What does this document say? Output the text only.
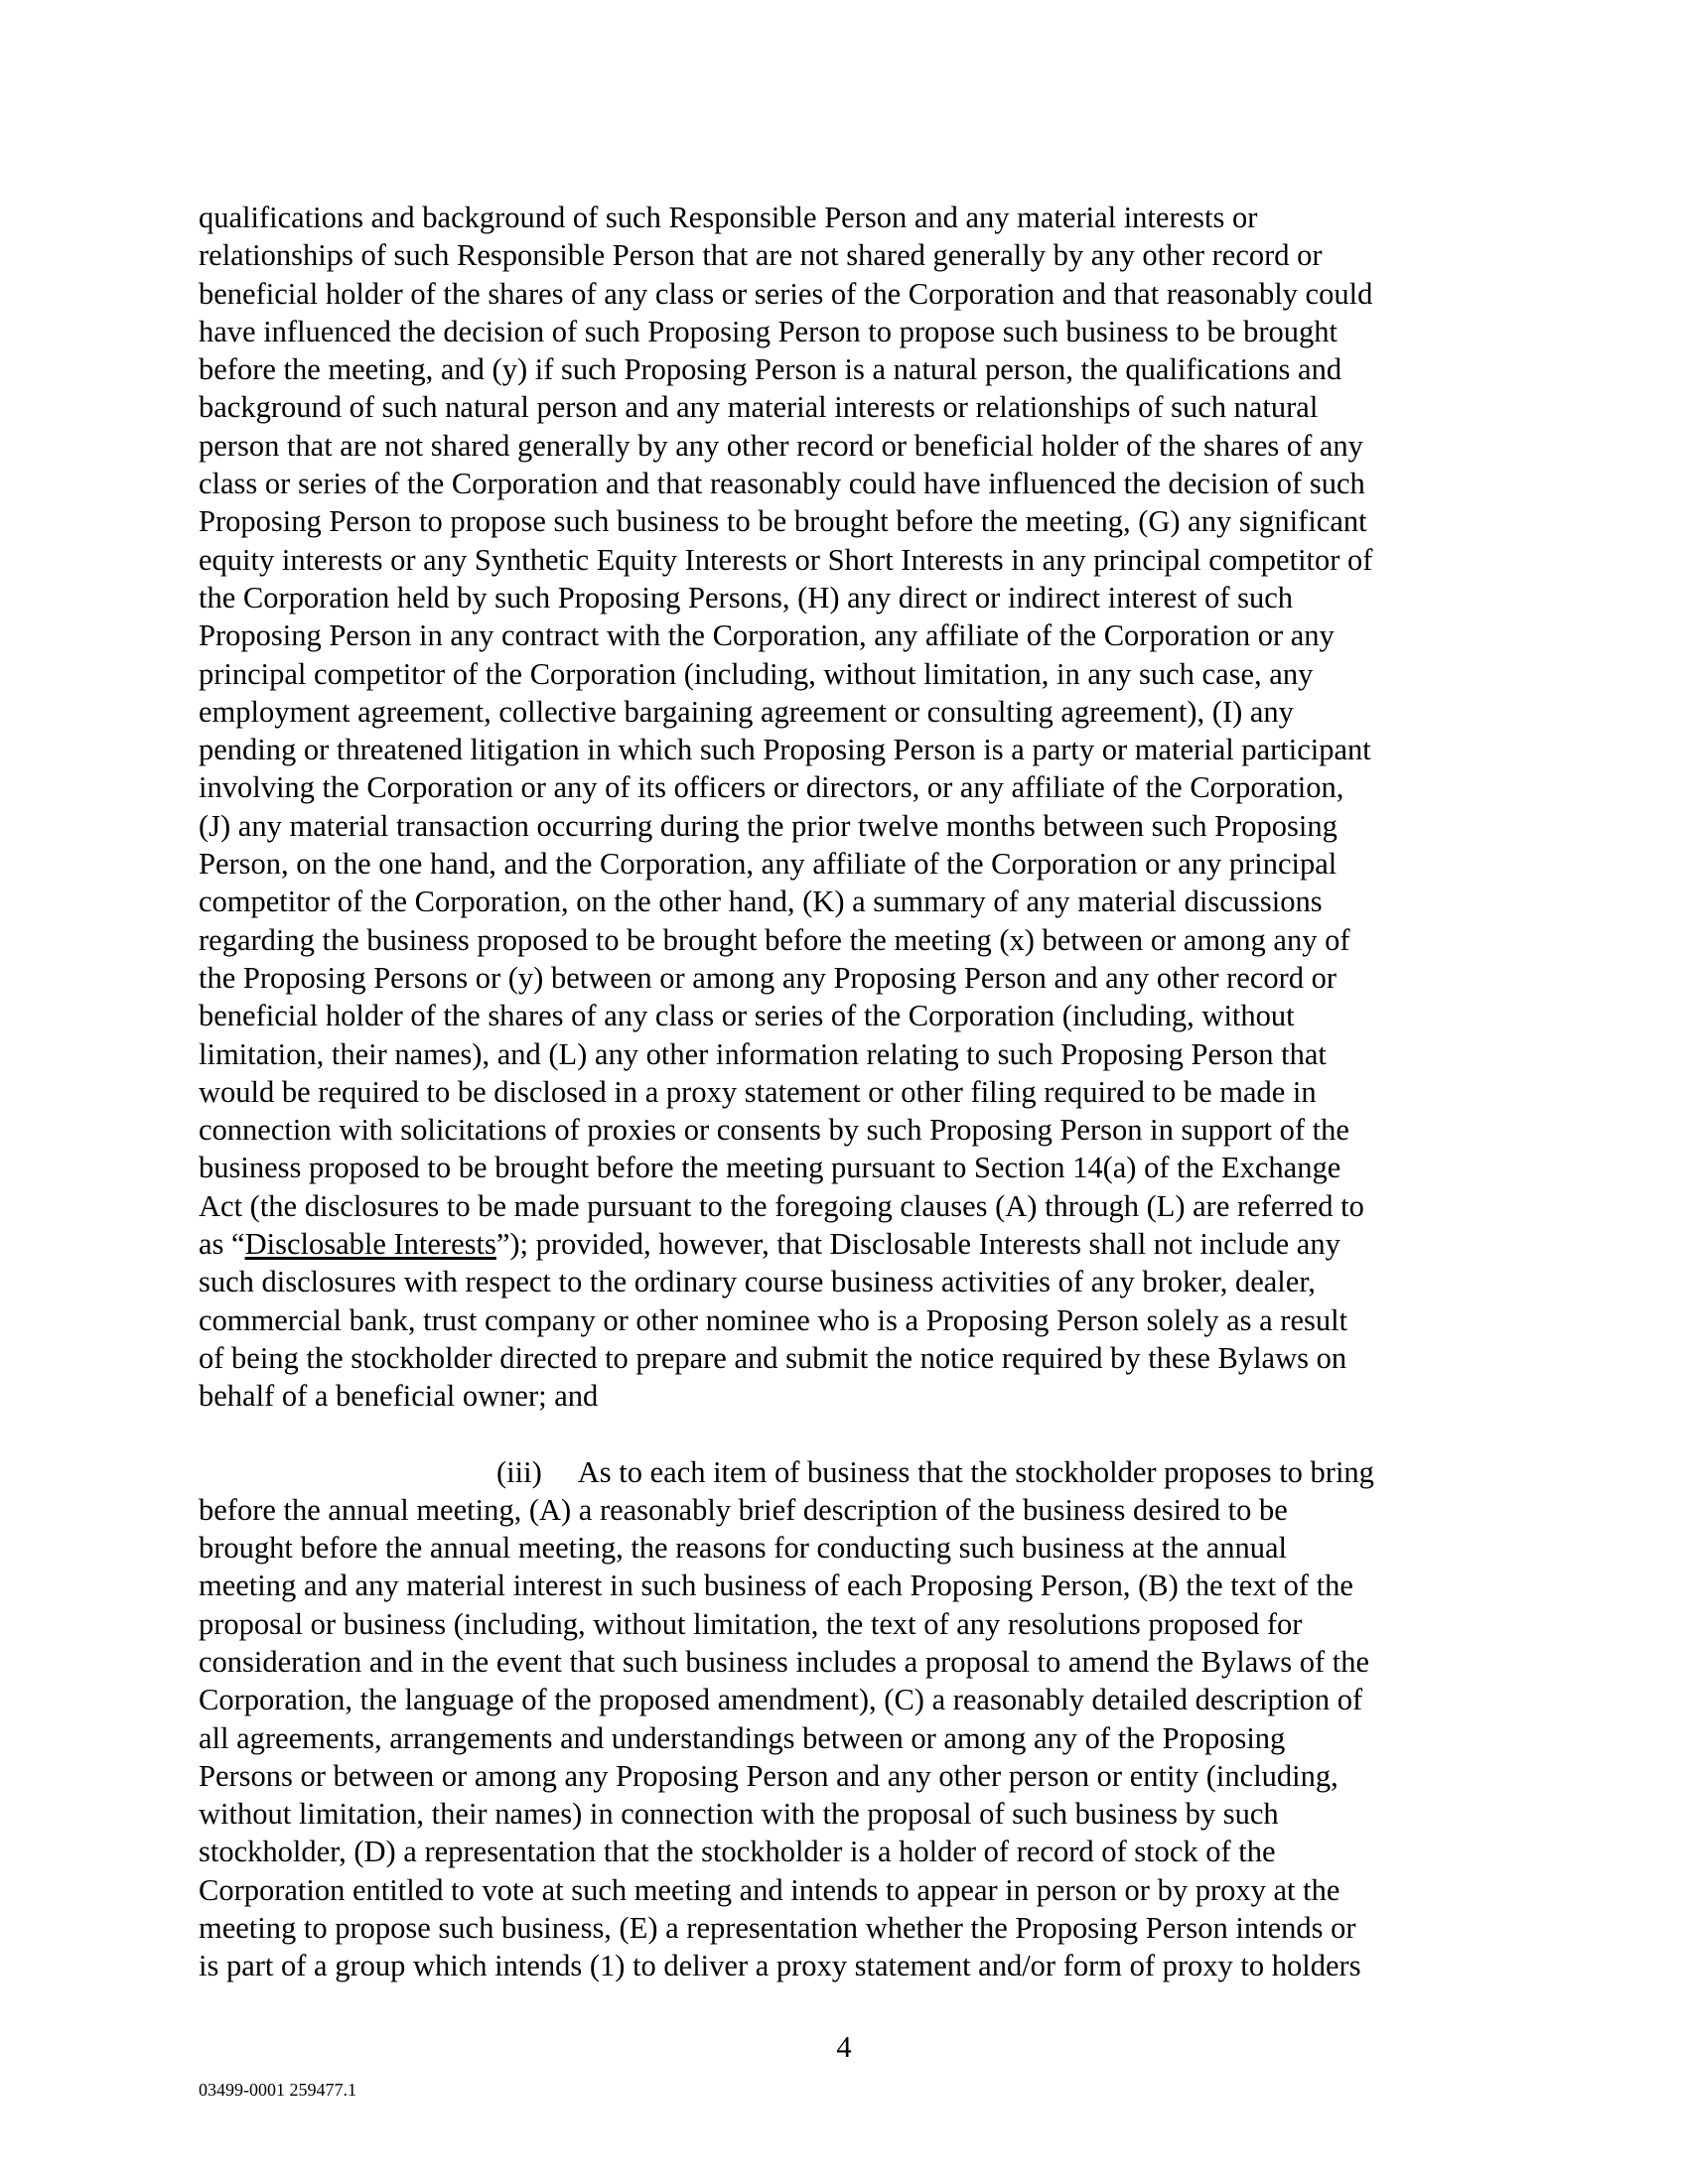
qualifications and background of such Responsible Person and any material interests or
relationships of such Responsible Person that are not shared generally by any other record or
beneficial holder of the shares of any class or series of the Corporation and that reasonably could
have influenced the decision of such Proposing Person to propose such business to be brought
before the meeting, and (y) if such Proposing Person is a natural person, the qualifications and
background of such natural person and any material interests or relationships of such natural
person that are not shared generally by any other record or beneficial holder of the shares of any
class or series of the Corporation and that reasonably could have influenced the decision of such
Proposing Person to propose such business to be brought before the meeting, (G) any significant
equity interests or any Synthetic Equity Interests or Short Interests in any principal competitor of
the Corporation held by such Proposing Persons, (H) any direct or indirect interest of such
Proposing Person in any contract with the Corporation, any affiliate of the Corporation or any
principal competitor of the Corporation (including, without limitation, in any such case, any
employment agreement, collective bargaining agreement or consulting agreement), (I) any
pending or threatened litigation in which such Proposing Person is a party or material participant
involving the Corporation or any of its officers or directors, or any affiliate of the Corporation,
(J) any material transaction occurring during the prior twelve months between such Proposing
Person, on the one hand, and the Corporation, any affiliate of the Corporation or any principal
competitor of the Corporation, on the other hand, (K) a summary of any material discussions
regarding the business proposed to be brought before the meeting (x) between or among any of
the Proposing Persons or (y) between or among any Proposing Person and any other record or
beneficial holder of the shares of any class or series of the Corporation (including, without
limitation, their names), and (L) any other information relating to such Proposing Person that
would be required to be disclosed in a proxy statement or other filing required to be made in
connection with solicitations of proxies or consents by such Proposing Person in support of the
business proposed to be brought before the meeting pursuant to Section 14(a) of the Exchange
Act (the disclosures to be made pursuant to the foregoing clauses (A) through (L) are referred to
as “Disclosable Interests”); provided, however, that Disclosable Interests shall not include any
such disclosures with respect to the ordinary course business activities of any broker, dealer,
commercial bank, trust company or other nominee who is a Proposing Person solely as a result
of being the stockholder directed to prepare and submit the notice required by these Bylaws on
behalf of a beneficial owner; and
(iii) As to each item of business that the stockholder proposes to bring
before the annual meeting, (A) a reasonably brief description of the business desired to be
brought before the annual meeting, the reasons for conducting such business at the annual
meeting and any material interest in such business of each Proposing Person, (B) the text of the
proposal or business (including, without limitation, the text of any resolutions proposed for
consideration and in the event that such business includes a proposal to amend the Bylaws of the
Corporation, the language of the proposed amendment), (C) a reasonably detailed description of
all agreements, arrangements and understandings between or among any of the Proposing
Persons or between or among any Proposing Person and any other person or entity (including,
without limitation, their names) in connection with the proposal of such business by such
stockholder, (D) a representation that the stockholder is a holder of record of stock of the
Corporation entitled to vote at such meeting and intends to appear in person or by proxy at the
meeting to propose such business, (E) a representation whether the Proposing Person intends or
is part of a group which intends (1) to deliver a proxy statement and/or form of proxy to holders
4
03499-0001 259477.1
